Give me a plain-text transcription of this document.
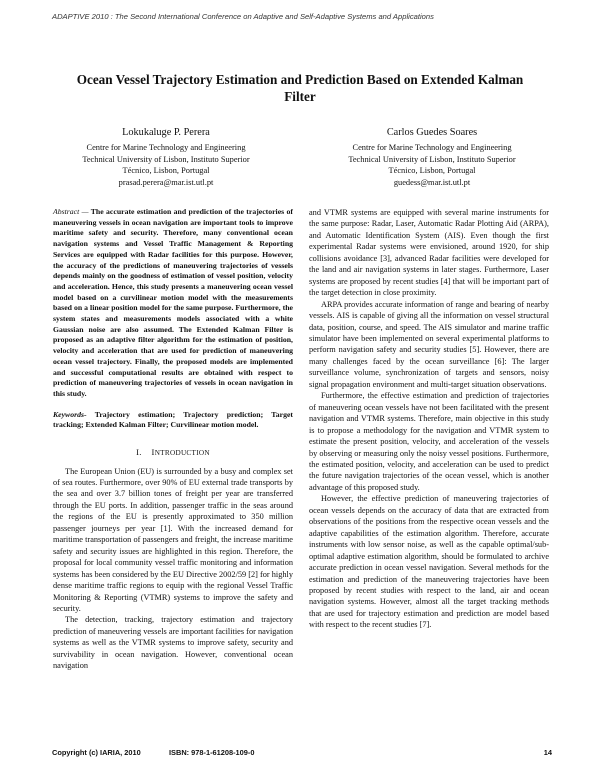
ADAPTIVE 2010 : The Second International Conference on Adaptive and Self-Adaptive Systems and Applications
Ocean Vessel Trajectory Estimation and Prediction Based on Extended Kalman Filter
Lokukaluge P. Perera
Centre for Marine Technology and Engineering
Technical University of Lisbon, Instituto Superior
Técnico, Lisbon, Portugal
prasad.perera@mar.ist.utl.pt
Carlos Guedes Soares
Centre for Marine Technology and Engineering
Technical University of Lisbon, Instituto Superior
Técnico, Lisbon, Portugal
guedess@mar.ist.utl.pt

Abstract — The accurate estimation and prediction of the trajectories of maneuvering vessels in ocean navigation are important tools to improve maritime safety and security. Therefore, many conventional ocean navigation systems and Vessel Traffic Management & Reporting Services are equipped with Radar facilities for this purpose. However, the accuracy of the predictions of maneuvering trajectories of vessels depends mainly on the goodness of estimation of vessel position, velocity and acceleration. Hence, this study presents a maneuvering ocean vessel model based on a curvilinear motion model with the measurements based on a linear position model for the same purpose. Furthermore, the system states and measurements models associated with a white Gaussian noise are also assumed. The Extended Kalman Filter is proposed as an adaptive filter algorithm for the estimation of position, velocity and acceleration that are used for prediction of maneuvering ocean vessel trajectory. Finally, the proposed models are implemented and successful computational results are obtained with respect to prediction of maneuvering trajectories of vessels in ocean navigation in this study.

Keywords- Trajectory estimation; Trajectory prediction; Target tracking; Extended Kalman Filter; Curvilinear motion model.

I. INTRODUCTION

The European Union (EU) is surrounded by a busy and complex set of sea routes. Furthermore, over 90% of EU external trade transports by the sea and over 3.7 billion tones of freight per year are transferred through the EU ports. In addition, passenger traffic in the seas around the regions of the EU is presently approximated to 350 million passenger journeys per year [1]. With the increased demand for maritime transportation of passengers and freight, the increase maritime safety and security issues are highlighted in this region. Therefore, the proposal for local community vessel traffic monitoring and information systems has been considered by the EU Directive 2002/59 [2] for highly dense maritime traffic regions to equip with the regional Vessel Traffic Monitoring & Reporting (VTMR) systems to improve the safety and security.

The detection, tracking, trajectory estimation and trajectory prediction of maneuvering vessels are important facilities for navigation systems as well as the VTMR systems to improve safety, security and survivability in ocean navigation. However, conventional ocean navigation

and VTMR systems are equipped with several marine instruments for the same purpose: Radar, Laser, Automatic Radar Plotting Aid (ARPA), and Automatic Identification System (AIS). Even though the first experimental Radar systems were envisioned, around 1920, for ship collisions avoidance [3], advanced Radar facilities were developed for the land and air navigation systems in later stages. Furthermore, Laser systems are proposed by recent studies [4] that will be important part of the target detection in close proximity.

ARPA provides accurate information of range and bearing of nearby vessels. AIS is capable of giving all the information on vessel structural data, position, course, and speed. The AIS simulator and marine traffic simulator have been implemented on several experimental platforms to perform navigation safety and security studies [5]. However, there are many challenges faced by the ocean surveillance [6]: The larger surveillance volume, synchronization of targets and sensors, noisy signal propagation environment and multi-target situation observations.

Furthermore, the effective estimation and prediction of trajectories of maneuvering ocean vessels have not been facilitated with the present navigation and VTMR systems. Therefore, main objective in this study is to propose a methodology for the navigation and VTMR system to estimate the present position, velocity, and acceleration of the vessels by observing or measuring only the noisy vessel positions. Furthermore, the estimated position, velocity, and acceleration can be used to predict the future navigation trajectories of the ocean vessel, which is another advantage of this proposed study.

However, the effective prediction of maneuvering trajectories of ocean vessels depends on the accuracy of data that are extracted from observations of the positions from the respective ocean vessels and the adaptive capabilities of the estimation algorithm. Therefore, accurate instruments with low sensor noise, as well as the capable optimal/sub-optimal adaptive estimation algorithm, should be formulated to archive accurate prediction in ocean vessel navigation. Several methods for the estimation and prediction of the maneuvering trajectories have been proposed by recent studies with respect to the land, air and ocean navigation systems. However, almost all the target tracking methods that are used for trajectory estimation and prediction are model based with respect to the recent studies [7].

Copyright (c) IARIA, 2010	ISBN: 978-1-61208-109-0	14
